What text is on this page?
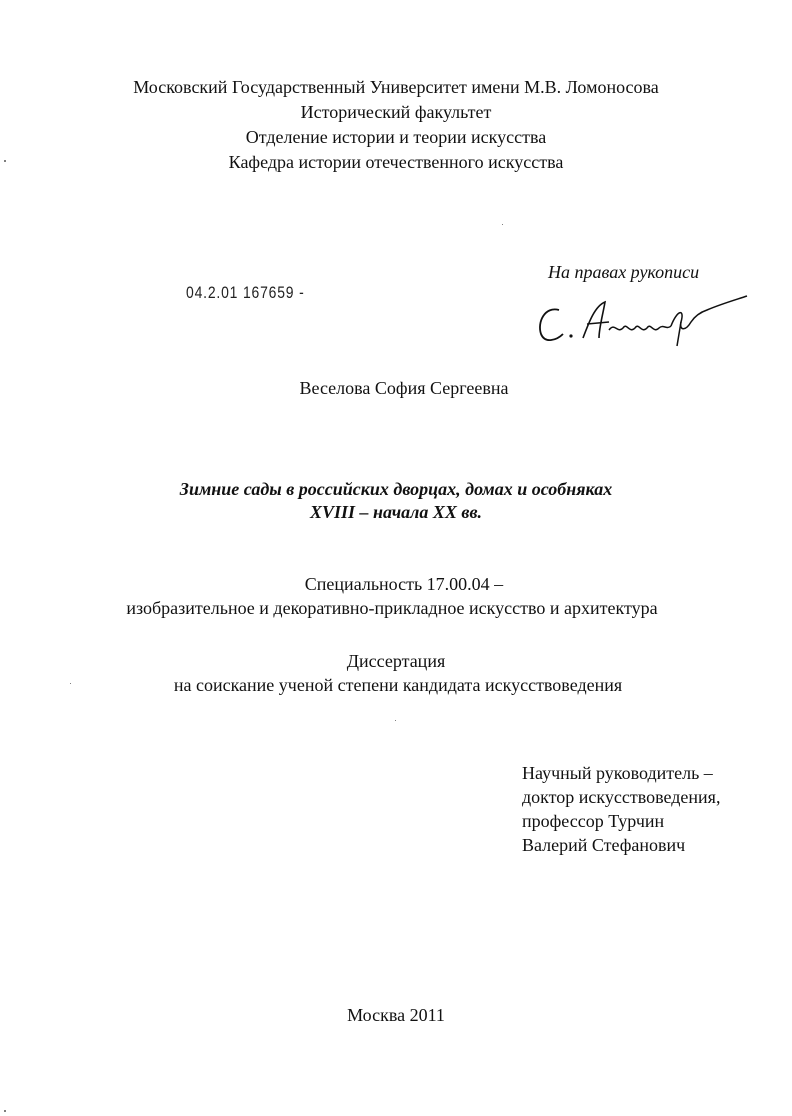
Московский Государственный Университет имени М.В. Ломоносова
Исторический факультет
Отделение истории и теории искусства
Кафедра истории отечественного искусства
04.2.01 167659 -
На правах рукописи
Веселова София Сергеевна
Зимние сады в российских дворцах, домах и особняках
XVIII – начала XX вв.
Специальность 17.00.04 –
изобразительное и декоративно-прикладное искусство и архитектура
Диссертация
на соискание ученой степени кандидата искусствоведения
Научный руководитель –
доктор искусствоведения,
профессор Турчин
Валерий Стефанович
Москва 2011
